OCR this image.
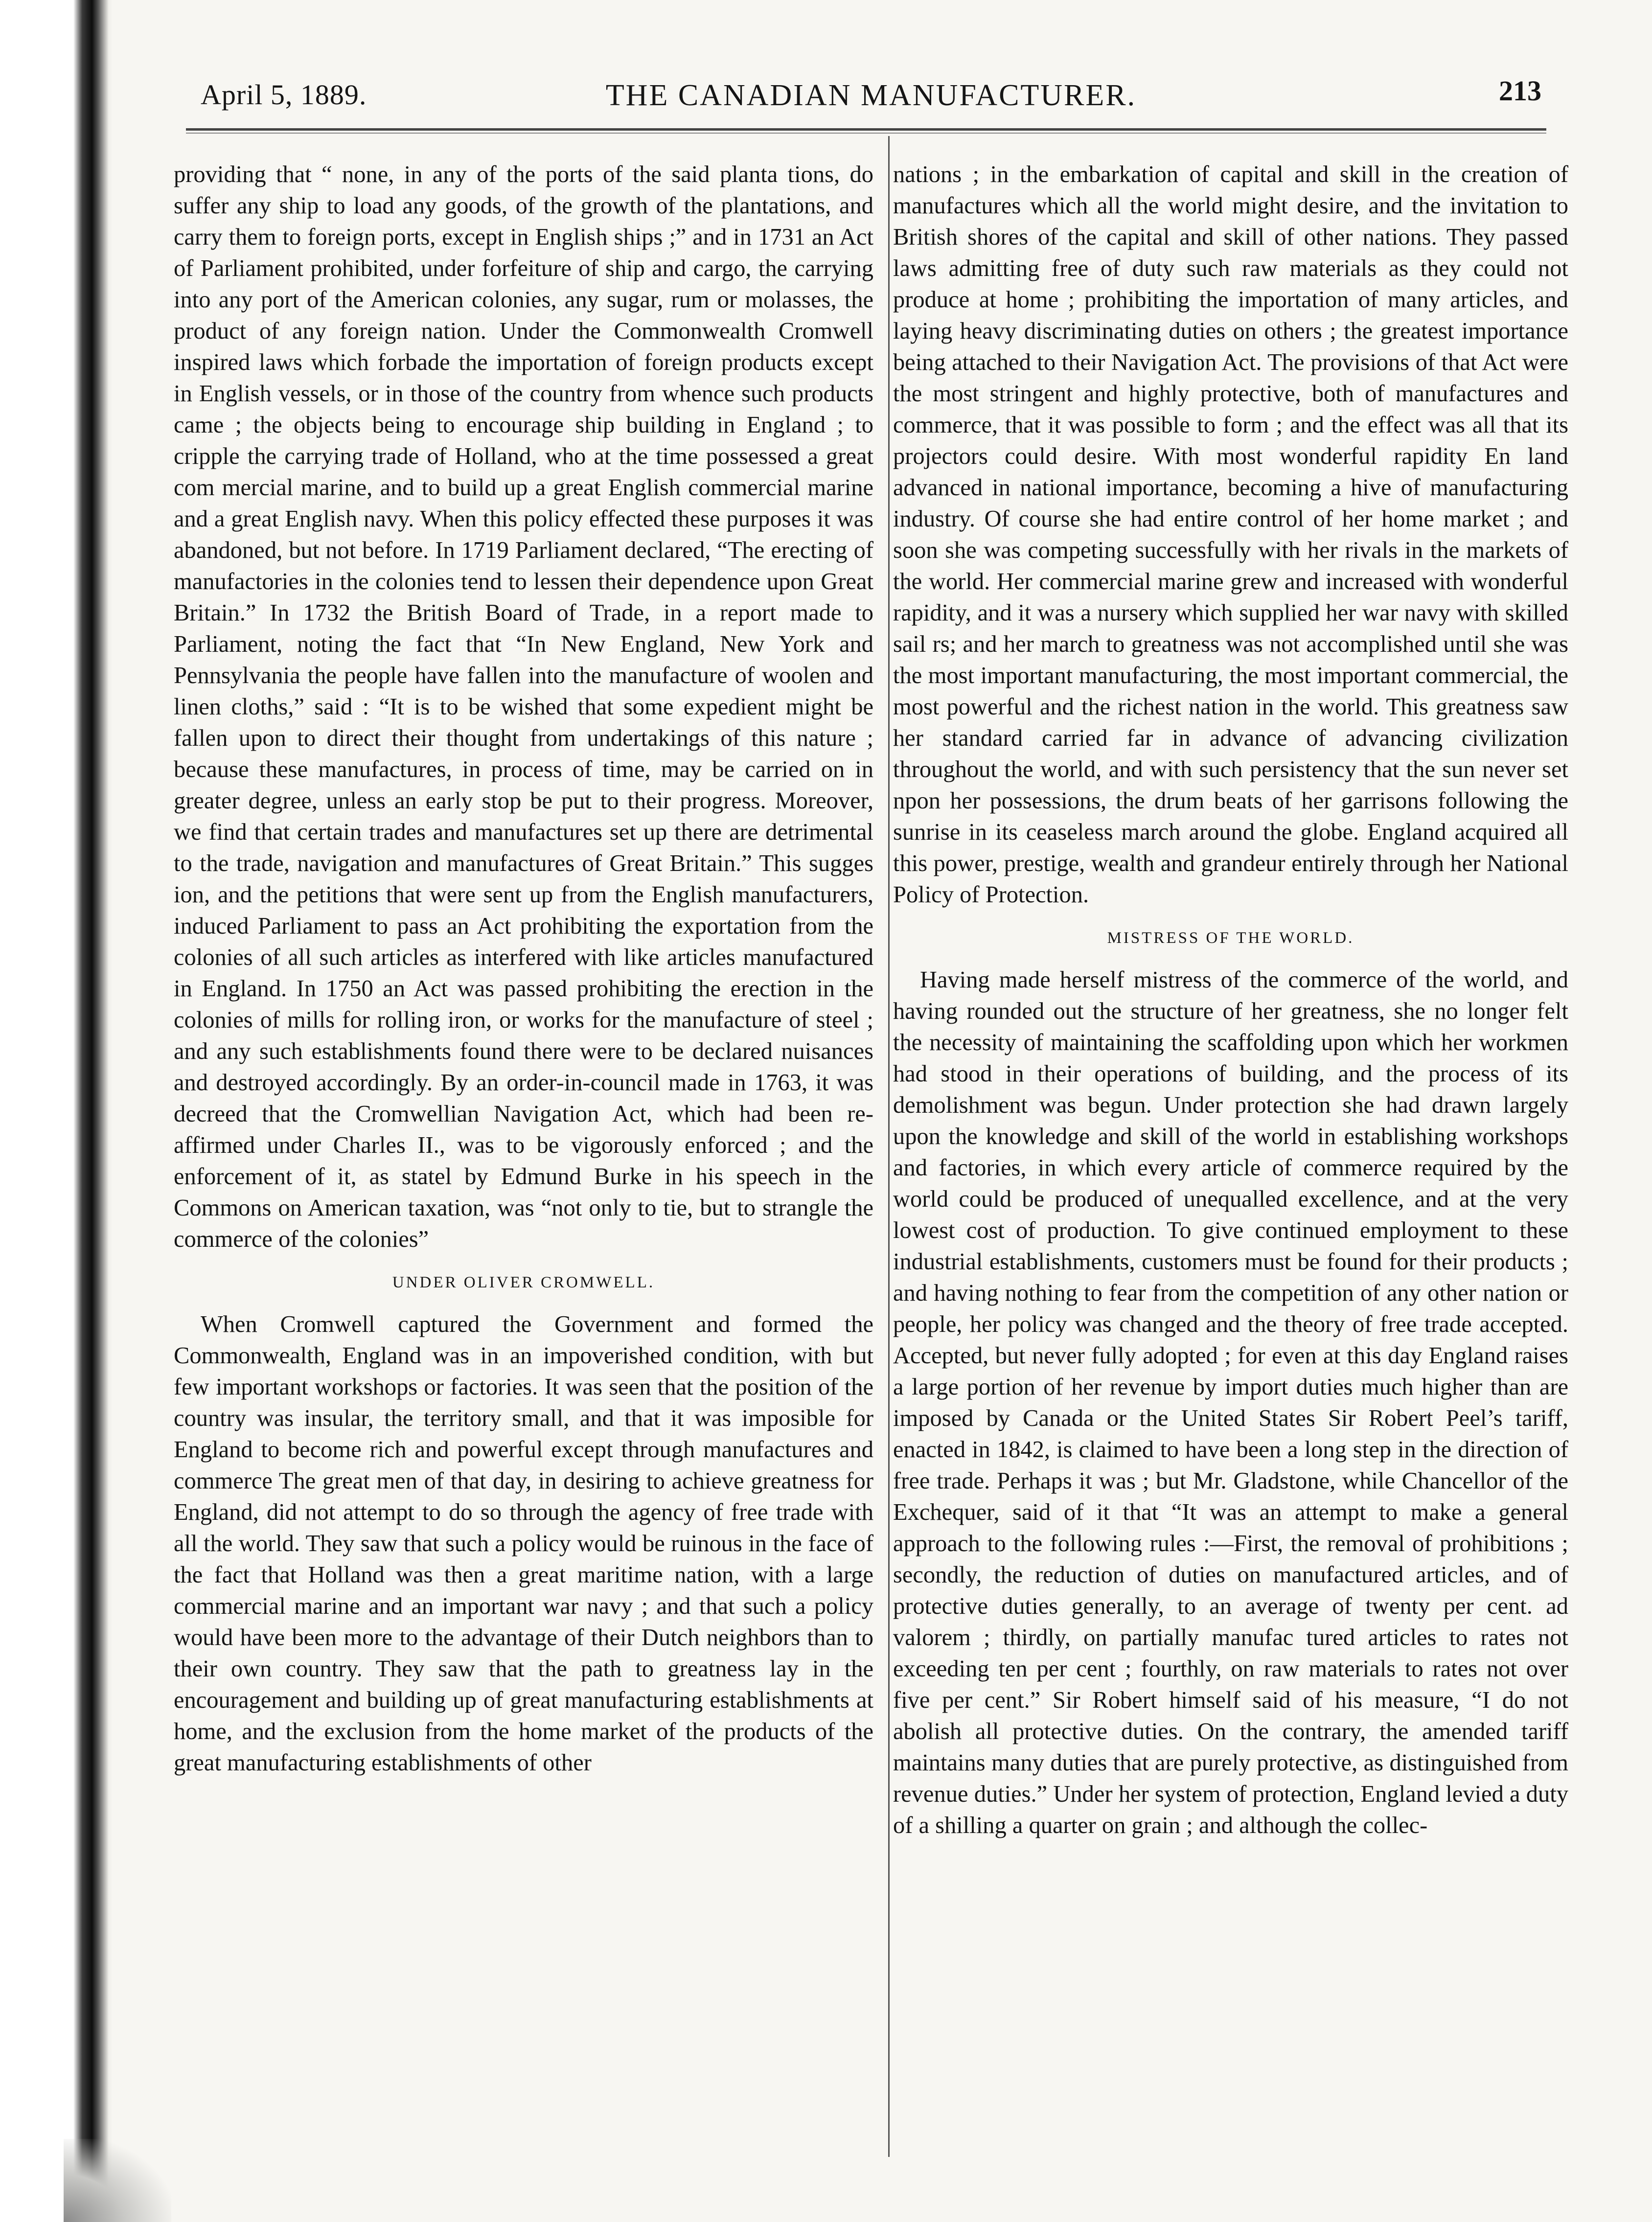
April 5, 1889.	THE CANADIAN MANUFACTURER.	213

providing that “ none, in any of the ports of the said planta tions, do suffer any ship to load any goods, of the growth of the plantations, and carry them to foreign ports, except in English ships ;” and in 1731 an Act of Parliament prohibited, under forfeiture of ship and cargo, the carrying into any port of the American colonies, any sugar, rum or molasses, the product of any foreign nation. Under the Commonwealth Cromwell inspired laws which forbade the importation of foreign products except in English vessels, or in those of the country from whence such products came ; the objects being to encourage ship building in England ; to cripple the carrying trade of Holland, who at the time possessed a great com mercial marine, and to build up a great English commercial marine and a great English navy. When this policy effected these purposes it was abandoned, but not before. In 1719 Parliament declared, “The erecting of manufactories in the colonies tend to lessen their dependence upon Great Britain.” In 1732 the British Board of Trade, in a report made to Parliament, noting the fact that “In New England, New York and Pennsylvania the people have fallen into the manufacture of woolen and linen cloths,” said : “It is to be wished that some expedient might be fallen upon to direct their thought from undertakings of this nature ; because these manufactures, in process of time, may be carried on in greater degree, unless an early stop be put to their progress. Moreover, we find that certain trades and manufactures set up there are detrimental to the trade, navigation and manufactures of Great Britain.” This sugges ion, and the petitions that were sent up from the English manufacturers, induced Parliament to pass an Act prohibiting the exportation from the colonies of all such articles as interfered with like articles manufactured in England. In 1750 an Act was passed prohibiting the erection in the colonies of mills for rolling iron, or works for the manufacture of steel ; and any such establishments found there were to be declared nuisances and destroyed accordingly. By an order-in-council made in 1763, it was decreed that the Cromwellian Navigation Act, which had been re-affirmed under Charles II., was to be vigorously enforced ; and the enforcement of it, as statel by Edmund Burke in his speech in the Commons on American taxation, was “not only to tie, but to strangle the commerce of the colonies”

UNDER OLIVER CROMWELL.

When Cromwell captured the Government and formed the Commonwealth, England was in an impoverished condition, with but few important workshops or factories. It was seen that the position of the country was insular, the territory small, and that it was imposible for England to become rich and powerful except through manufactures and commerce The great men of that day, in desiring to achieve greatness for England, did not attempt to do so through the agency of free trade with all the world. They saw that such a policy would be ruinous in the face of the fact that Holland was then a great maritime nation, with a large commercial marine and an important war navy ; and that such a policy would have been more to the advantage of their Dutch neighbors than to their own country. They saw that the path to greatness lay in the encouragement and building up of great manufacturing establishments at home, and the exclusion from the home market of the products of the great manufacturing establishments of other

nations ; in the embarkation of capital and skill in the creation of manufactures which all the world might desire, and the invitation to British shores of the capital and skill of other nations. They passed laws admitting free of duty such raw materials as they could not produce at home ; prohibiting the importation of many articles, and laying heavy discriminating duties on others ; the greatest importance being attached to their Navigation Act. The provisions of that Act were the most stringent and highly protective, both of manufactures and commerce, that it was possible to form ; and the effect was all that its projectors could desire. With most wonderful rapidity En land advanced in national importance, becoming a hive of manufacturing industry. Of course she had entire control of her home market ; and soon she was competing successfully with her rivals in the markets of the world. Her commercial marine grew and increased with wonderful rapidity, and it was a nursery which supplied her war navy with skilled sail rs; and her march to greatness was not accomplished until she was the most important manufacturing, the most important commercial, the most powerful and the richest nation in the world. This greatness saw her standard carried far in advance of advancing civilization throughout the world, and with such persistency that the sun never set npon her possessions, the drum beats of her garrisons following the sunrise in its ceaseless march around the globe. England acquired all this power, prestige, wealth and grandeur entirely through her National Policy of Protection.

MISTRESS OF THE WORLD.

Having made herself mistress of the commerce of the world, and having rounded out the structure of her greatness, she no longer felt the necessity of maintaining the scaffolding upon which her workmen had stood in their operations of building, and the process of its demolishment was begun. Under protection she had drawn largely upon the knowledge and skill of the world in establishing workshops and factories, in which every article of commerce required by the world could be produced of unequalled excellence, and at the very lowest cost of production. To give continued employment to these industrial establishments, customers must be found for their products ; and having nothing to fear from the competition of any other nation or people, her policy was changed and the theory of free trade accepted. Accepted, but never fully adopted ; for even at this day England raises a large portion of her revenue by import duties much higher than are imposed by Canada or the United States Sir Robert Peel’s tariff, enacted in 1842, is claimed to have been a long step in the direction of free trade. Perhaps it was ; but Mr. Gladstone, while Chancellor of the Exchequer, said of it that “It was an attempt to make a general approach to the following rules :—First, the removal of prohibitions ; secondly, the reduction of duties on manufactured articles, and of protective duties generally, to an average of twenty per cent. ad valorem ; thirdly, on partially manufac tured articles to rates not exceeding ten per cent ; fourthly, on raw materials to rates not over five per cent.” Sir Robert himself said of his measure, “I do not abolish all protective duties. On the contrary, the amended tariff maintains many duties that are purely protective, as distinguished from revenue duties.” Under her system of protection, England levied a duty of a shilling a quarter on grain ; and although the collec-
